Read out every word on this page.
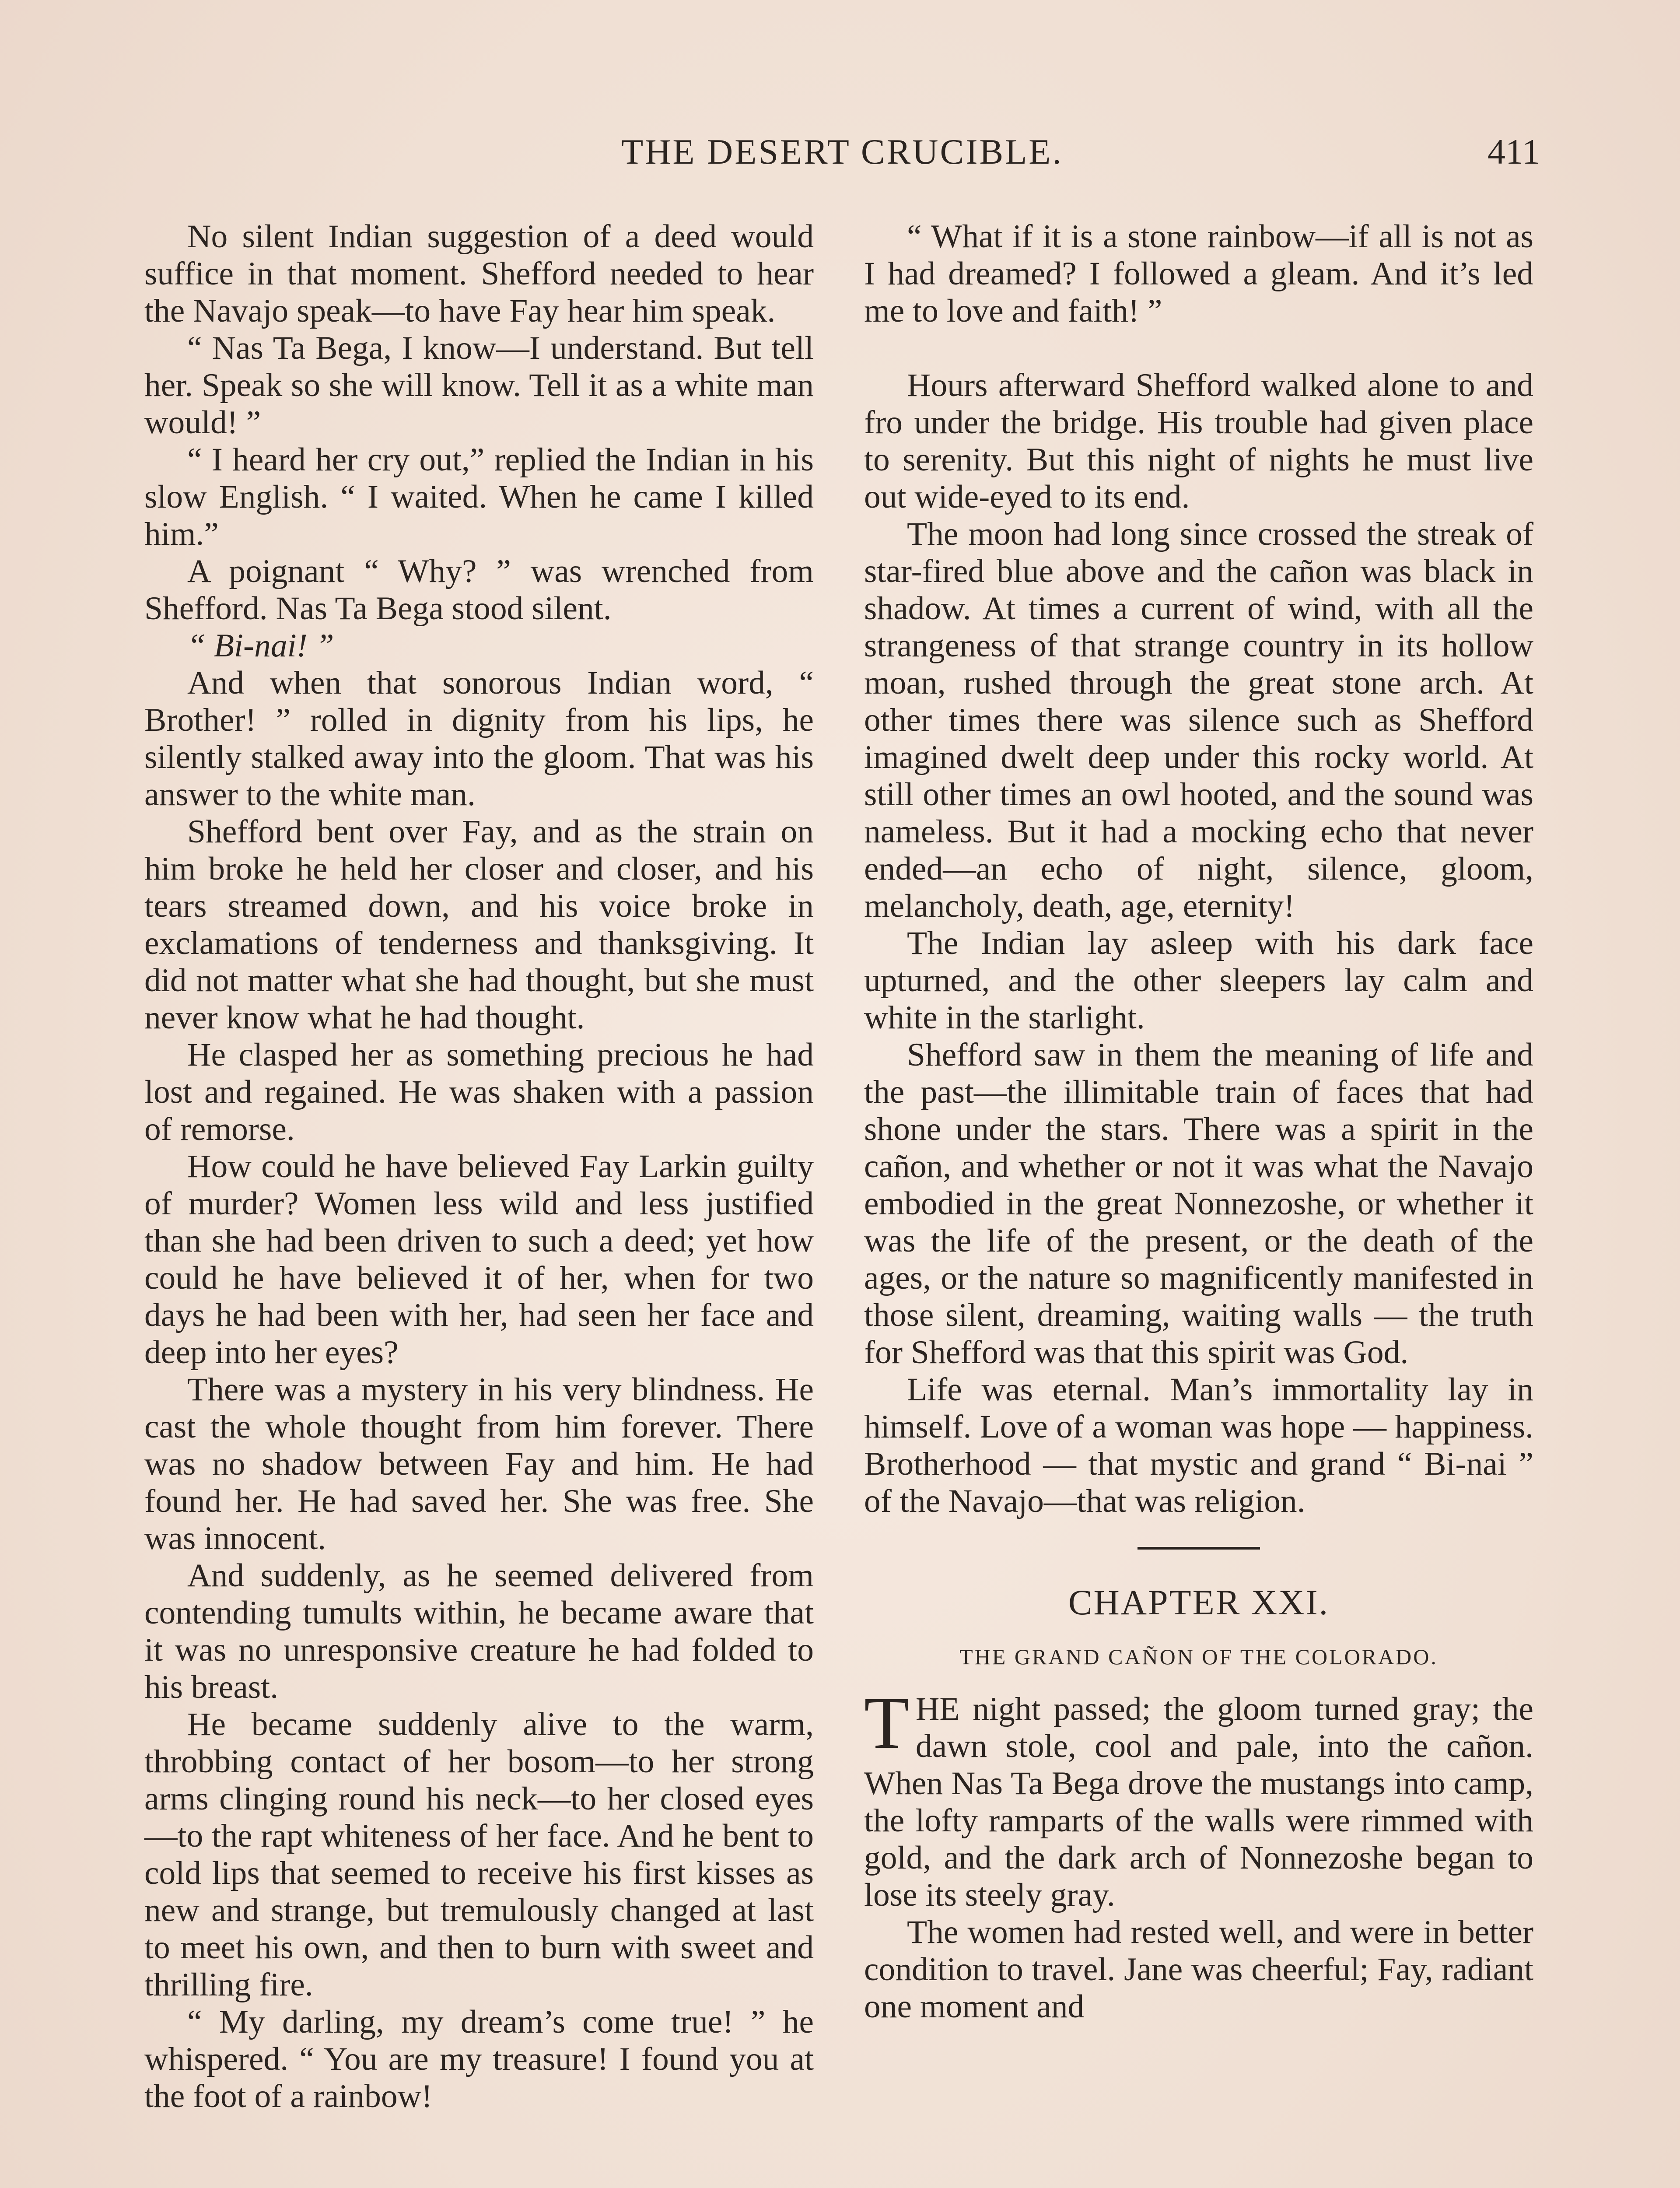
THE DESERT CRUCIBLE.	411

No silent Indian suggestion of a deed would suffice in that moment. Shefford needed to hear the Navajo speak—to have Fay hear him speak.

“ Nas Ta Bega, I know—I understand. But tell her. Speak so she will know. Tell it as a white man would! ”

“ I heard her cry out,” replied the Indian in his slow English. “ I waited. When he came I killed him.”

A poignant “ Why? ” was wrenched from Shefford. Nas Ta Bega stood silent.

“ Bi-nai! ”

And when that sonorous Indian word, “ Brother! ” rolled in dignity from his lips, he silently stalked away into the gloom. That was his answer to the white man.

Shefford bent over Fay, and as the strain on him broke he held her closer and closer, and his tears streamed down, and his voice broke in exclamations of tenderness and thanksgiving. It did not matter what she had thought, but she must never know what he had thought.

He clasped her as something precious he had lost and regained. He was shaken with a passion of remorse.

How could he have believed Fay Larkin guilty of murder? Women less wild and less justified than she had been driven to such a deed; yet how could he have believed it of her, when for two days he had been with her, had seen her face and deep into her eyes?

There was a mystery in his very blindness. He cast the whole thought from him forever. There was no shadow between Fay and him. He had found her. He had saved her. She was free. She was innocent.

And suddenly, as he seemed delivered from contending tumults within, he became aware that it was no unresponsive creature he had folded to his breast.

He became suddenly alive to the warm, throbbing contact of her bosom—to her strong arms clinging round his neck—to her closed eyes—to the rapt whiteness of her face. And he bent to cold lips that seemed to receive his first kisses as new and strange, but tremulously changed at last to meet his own, and then to burn with sweet and thrilling fire.

“ My darling, my dream’s come true! ” he whispered. “ You are my treasure! I found you at the foot of a rainbow!

“ What if it is a stone rainbow—if all is not as I had dreamed? I followed a gleam. And it’s led me to love and faith! ”

Hours afterward Shefford walked alone to and fro under the bridge. His trouble had given place to serenity. But this night of nights he must live out wide-eyed to its end.

The moon had long since crossed the streak of star-fired blue above and the cañon was black in shadow. At times a current of wind, with all the strangeness of that strange country in its hollow moan, rushed through the great stone arch. At other times there was silence such as Shefford imagined dwelt deep under this rocky world. At still other times an owl hooted, and the sound was nameless. But it had a mocking echo that never ended—an echo of night, silence, gloom, melancholy, death, age, eternity!

The Indian lay asleep with his dark face upturned, and the other sleepers lay calm and white in the starlight.

Shefford saw in them the meaning of life and the past—the illimitable train of faces that had shone under the stars. There was a spirit in the cañon, and whether or not it was what the Navajo embodied in the great Nonnezoshe, or whether it was the life of the present, or the death of the ages, or the nature so magnificently manifested in those silent, dreaming, waiting walls — the truth for Shefford was that this spirit was God.

Life was eternal. Man’s immortality lay in himself. Love of a woman was hope — happiness. Brotherhood — that mystic and grand “ Bi-nai ” of the Navajo—that was religion.

CHAPTER XXI.
THE GRAND CAÑON OF THE COLORADO.

THE night passed; the gloom turned gray; the dawn stole, cool and pale, into the cañon. When Nas Ta Bega drove the mustangs into camp, the lofty ramparts of the walls were rimmed with gold, and the dark arch of Nonnezoshe began to lose its steely gray.

The women had rested well, and were in better condition to travel. Jane was cheerful; Fay, radiant one moment and
